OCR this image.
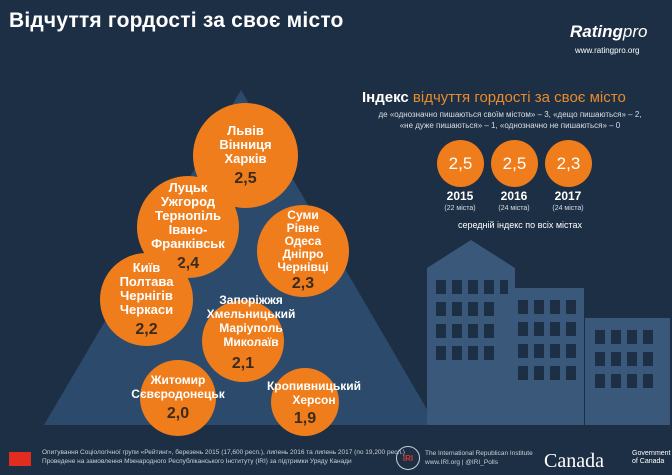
Відчуття гордості за своє місто	Ratingpro
www.ratingpro.org
Індекс відчуття гордості за своє місто
де «однозначно пишаються своїм містом» – 3, «дещо пишаються» – 2,
«не дуже пишаються» – 1, «однозначно не пишаються» – 0
2,5	2,5	2,3
2015	2016	2017
(22 міста)	(24 міста)	(24 міста)
середній індекс по всіх містах
Львів
Вінниця
Харків
2,5
Луцьк
Ужгород
Тернопіль
Івано-Франківськ
2,4
Суми
Рівне
Одеса
Дніпро
Чернівці
2,3
Київ
Полтава
Чернігів
Черкаси
2,2
2,1
Запоріжжя
Хмельницький
Маріуполь
Миколаїв
Житомир
Сєвєродонецьк
2,0	1,9
Кропивницький
Херсон
Опитування Соціологічної групи «Рейтинг», березень 2015 (17,600 респ.), липень 2016 та липень 2017 (по 19,200 респ.)
Проведене на замовлення Міжнародного Республіканського Інституту (IRI) за підтримки Уряду Канади	IRI	The International Republican Institute
www.IRI.org | @IRI_Polls	Canada	Government
of Canada
